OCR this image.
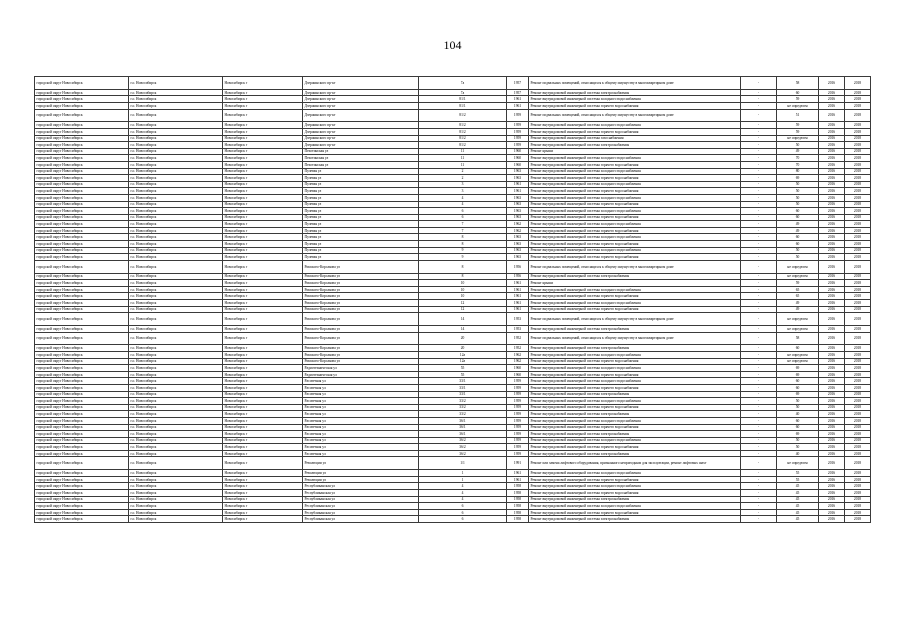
104
городской округ Новосибирск	г.о. Новосибирск	Новосибирск г	Дзержинского пр-кт	7а	1957	Ремонт подвальных помещений, относящихся к общему имуществу в многоквартирном доме	-	58	2016	2018
городской округ Новосибирск	г.о. Новосибирск	Новосибирск г	Дзержинского пр-кт	7а	1957	Ремонт внутридомовой инженерной системы электроснабжения	-	60	2016	2018
городской округ Новосибирск	г.о. Новосибирск	Новосибирск г	Дзержинского пр-кт	81/1	1961	Ремонт внутридомовой инженерной системы холодного водоснабжения	-	59	2016	2018
городской округ Новосибирск	г.о. Новосибирск	Новосибирск г	Дзержинского пр-кт	81/1	1961	Ремонт внутридомовой инженерной системы горячего водоснабжения	-	не определен	2016	2018
городской округ Новосибирск	г.о. Новосибирск	Новосибирск г	Дзержинского пр-кт	81/2	1959	Ремонт подвальных помещений, относящихся к общему имуществу в многоквартирном доме	-	51	2016	2018
городской округ Новосибирск	г.о. Новосибирск	Новосибирск г	Дзержинского пр-кт	81/2	1959	Ремонт внутридомовой инженерной системы холодного водоснабжения	-	59	2016	2018
городской округ Новосибирск	г.о. Новосибирск	Новосибирск г	Дзержинского пр-кт	81/2	1959	Ремонт внутридомовой инженерной системы горячего водоснабжения	-	59	2016	2018
городской округ Новосибирск	г.о. Новосибирск	Новосибирск г	Дзержинского пр-кт	81/2	1959	Ремонт внутридомовой инженерной системы газоснабжения	-	не определен	2016	2018
городской округ Новосибирск	г.о. Новосибирск	Новосибирск г	Дзержинского пр-кт	81/2	1959	Ремонт внутридомовой инженерной системы электроснабжения	-	50	2016	2018
городской округ Новосибирск	г.о. Новосибирск	Новосибирск г	Пехотинская ул	11	1960	Ремонт крыши	-	49	2016	2018
городской округ Новосибирск	г.о. Новосибирск	Новосибирск г	Пехотинская ул	11	1960	Ремонт внутридомовой инженерной системы холодного водоснабжения	-	70	2016	2018
городской округ Новосибирск	г.о. Новосибирск	Новосибирск г	Пехотинская ул	11	1960	Ремонт внутридомовой инженерной системы горячего водоснабжения	-	70	2016	2018
городской округ Новосибирск	г.о. Новосибирск	Новосибирск г	Пулевая ул	2	1963	Ремонт внутридомовой инженерной системы холодного водоснабжения	-	80	2016	2018
городской округ Новосибирск	г.о. Новосибирск	Новосибирск г	Пулевая ул	2	1963	Ремонт внутридомовой инженерной системы горячего водоснабжения	-	69	2016	2018
городской округ Новосибирск	г.о. Новосибирск	Новосибирск г	Пулевая ул	3	1961	Ремонт внутридомовой инженерной системы холодного водоснабжения	-	50	2016	2018
городской округ Новосибирск	г.о. Новосибирск	Новосибирск г	Пулевая ул	3	1961	Ремонт внутридомовой инженерной системы горячего водоснабжения	-	50	2016	2018
городской округ Новосибирск	г.о. Новосибирск	Новосибирск г	Пулевая ул	4	1963	Ремонт внутридомовой инженерной системы холодного водоснабжения	-	50	2016	2018
городской округ Новосибирск	г.о. Новосибирск	Новосибирск г	Пулевая ул	4	1963	Ремонт внутридомовой инженерной системы горячего водоснабжения	-	50	2016	2018
городской округ Новосибирск	г.о. Новосибирск	Новосибирск г	Пулевая ул	6	1963	Ремонт внутридомовой инженерной системы холодного водоснабжения	-	60	2016	2018
городской округ Новосибирск	г.о. Новосибирск	Новосибирск г	Пулевая ул	6	1963	Ремонт внутридомовой инженерной системы горячего водоснабжения	-	60	2016	2018
городской округ Новосибирск	г.о. Новосибирск	Новосибирск г	Пулевая ул	7	1962	Ремонт внутридомовой инженерной системы холодного водоснабжения	-	49	2016	2018
городской округ Новосибирск	г.о. Новосибирск	Новосибирск г	Пулевая ул	7	1962	Ремонт внутридомовой инженерной системы горячего водоснабжения	-	49	2016	2018
городской округ Новосибирск	г.о. Новосибирск	Новосибирск г	Пулевая ул	8	1963	Ремонт внутридомовой инженерной системы холодного водоснабжения	-	60	2016	2018
городской округ Новосибирск	г.о. Новосибирск	Новосибирск г	Пулевая ул	8	1963	Ремонт внутридомовой инженерной системы горячего водоснабжения	-	60	2016	2018
городской округ Новосибирск	г.о. Новосибирск	Новосибирск г	Пулевая ул	9	1963	Ремонт внутридомовой инженерной системы холодного водоснабжения	-	50	2016	2018
городской округ Новосибирск	г.о. Новосибирск	Новосибирск г	Пулевая ул	9	1963	Ремонт внутридомовой инженерной системы горячего водоснабжения	-	50	2016	2018
городской округ Новосибирск	г.о. Новосибирск	Новосибирск г	Римского-Корсакова ул	8	1956	Ремонт подвальных помещений, относящихся к общему имуществу в многоквартирном доме	-	не определен	2016	2018
городской округ Новосибирск	г.о. Новосибирск	Новосибирск г	Римского-Корсакова ул	8	1956	Ремонт внутридомовой инженерной системы электроснабжения	-	не определен	2016	2018
городской округ Новосибирск	г.о. Новосибирск	Новосибирск г	Римского-Корсакова ул	10	1961	Ремонт крыши	-	59	2016	2018
городской округ Новосибирск	г.о. Новосибирск	Новосибирск г	Римского-Корсакова ул	10	1961	Ремонт внутридомовой инженерной системы холодного водоснабжения	-	65	2016	2018
городской округ Новосибирск	г.о. Новосибирск	Новосибирск г	Римского-Корсакова ул	10	1961	Ремонт внутридомовой инженерной системы горячего водоснабжения	-	65	2016	2018
городской округ Новосибирск	г.о. Новосибирск	Новосибирск г	Римского-Корсакова ул	12	1961	Ремонт внутридомовой инженерной системы холодного водоснабжения	-	49	2016	2018
городской округ Новосибирск	г.о. Новосибирск	Новосибирск г	Римского-Корсакова ул	12	1961	Ремонт внутридомовой инженерной системы горячего водоснабжения	-	49	2016	2018
городской округ Новосибирск	г.о. Новосибирск	Новосибирск г	Римского-Корсакова ул	14	1953	Ремонт подвальных помещений, относящихся к общему имуществу в многоквартирном доме	-	не определен	2016	2018
городской округ Новосибирск	г.о. Новосибирск	Новосибирск г	Римского-Корсакова ул	14	1953	Ремонт внутридомовой инженерной системы электроснабжения	-	не определен	2016	2018
городской округ Новосибирск	г.о. Новосибирск	Новосибирск г	Римского-Корсакова ул	20	1952	Ремонт подвальных помещений, относящихся к общему имуществу в многоквартирном доме	-	58	2016	2018
городской округ Новосибирск	г.о. Новосибирск	Новосибирск г	Римского-Корсакова ул	20	1952	Ремонт внутридомовой инженерной системы электроснабжения	-	60	2016	2018
городской округ Новосибирск	г.о. Новосибирск	Новосибирск г	Римского-Корсакова ул	12а	1962	Ремонт внутридомовой инженерной системы холодного водоснабжения	-	не определен	2016	2018
городской округ Новосибирск	г.о. Новосибирск	Новосибирск г	Римского-Корсакова ул	12а	1962	Ремонт внутридомовой инженерной системы горячего водоснабжения	-	не определен	2016	2018
городской округ Новосибирск	г.о. Новосибирск	Новосибирск г	Радиотехническая ул	55	1960	Ремонт внутридомовой инженерной системы холодного водоснабжения	-	69	2016	2018
городской округ Новосибирск	г.о. Новосибирск	Новосибирск г	Радиотехническая ул	55	1960	Ремонт внутридомовой инженерной системы горячего водоснабжения	-	69	2016	2018
городской округ Новосибирск	г.о. Новосибирск	Новосибирск г	Рассветная ул	33/1	1959	Ремонт внутридомовой инженерной системы холодного водоснабжения	-	60	2016	2018
городской округ Новосибирск	г.о. Новосибирск	Новосибирск г	Рассветная ул	33/1	1959	Ремонт внутридомовой инженерной системы горячего водоснабжения	-	60	2016	2018
городской округ Новосибирск	г.о. Новосибирск	Новосибирск г	Рассветная ул	33/1	1959	Ремонт внутридомовой инженерной системы электроснабжения	-	69	2016	2018
городской округ Новосибирск	г.о. Новосибирск	Новосибирск г	Рассветная ул	33/2	1959	Ремонт внутридомовой инженерной системы холодного водоснабжения	-	50	2016	2018
городской округ Новосибирск	г.о. Новосибирск	Новосибирск г	Рассветная ул	33/2	1959	Ремонт внутридомовой инженерной системы горячего водоснабжения	-	50	2016	2018
городской округ Новосибирск	г.о. Новосибирск	Новосибирск г	Рассветная ул	33/2	1959	Ремонт внутридомовой инженерной системы электроснабжения	-	40	2016	2018
городской округ Новосибирск	г.о. Новосибирск	Новосибирск г	Рассветная ул	36/1	1959	Ремонт внутридомовой инженерной системы холодного водоснабжения	-	60	2016	2018
городской округ Новосибирск	г.о. Новосибирск	Новосибирск г	Рассветная ул	36/1	1959	Ремонт внутридомовой инженерной системы горячего водоснабжения	-	60	2016	2018
городской округ Новосибирск	г.о. Новосибирск	Новосибирск г	Рассветная ул	36/1	1959	Ремонт внутридомовой инженерной системы электроснабжения	-	69	2016	2018
городской округ Новосибирск	г.о. Новосибирск	Новосибирск г	Рассветная ул	36/2	1959	Ремонт внутридомовой инженерной системы холодного водоснабжения	-	50	2016	2018
городской округ Новосибирск	г.о. Новосибирск	Новосибирск г	Рассветная ул	36/2	1959	Ремонт внутридомовой инженерной системы горячего водоснабжения	-	50	2016	2018
городской округ Новосибирск	г.о. Новосибирск	Новосибирск г	Рассветная ул	36/2	1959	Ремонт внутридомовой инженерной системы электроснабжения	-	40	2016	2018
городской округ Новосибирск	г.о. Новосибирск	Новосибирск г	Революции ул	1/1	1991	Ремонт или замена лифтового оборудования, признанного непригодным для эксплуатации, ремонт лифтовых шахт	-	не определен	2016	2018
городской округ Новосибирск	г.о. Новосибирск	Новосибирск г	Революции ул	1	1961	Ремонт внутридомовой инженерной системы холодного водоснабжения	-	55	2016	2018
городской округ Новосибирск	г.о. Новосибирск	Новосибирск г	Революции ул	1	1961	Ремонт внутридомовой инженерной системы горячего водоснабжения	-	55	2016	2018
городской округ Новосибирск	г.о. Новосибирск	Новосибирск г	Республиканская ул	4	1958	Ремонт внутридомовой инженерной системы холодного водоснабжения	-	45	2016	2018
городской округ Новосибирск	г.о. Новосибирск	Новосибирск г	Республиканская ул	4	1958	Ремонт внутридомовой инженерной системы горячего водоснабжения	-	45	2016	2018
городской округ Новосибирск	г.о. Новосибирск	Новосибирск г	Республиканская ул	4	1958	Ремонт внутридомовой инженерной системы электроснабжения	-	45	2016	2018
городской округ Новосибирск	г.о. Новосибирск	Новосибирск г	Республиканская ул	6	1958	Ремонт внутридомовой инженерной системы холодного водоснабжения	-	45	2016	2018
городской округ Новосибирск	г.о. Новосибирск	Новосибирск г	Республиканская ул	6	1958	Ремонт внутридомовой инженерной системы горячего водоснабжения	-	45	2016	2018
городской округ Новосибирск	г.о. Новосибирск	Новосибирск г	Республиканская ул	6	1958	Ремонт внутридомовой инженерной системы электроснабжения	-	45	2016	2018
